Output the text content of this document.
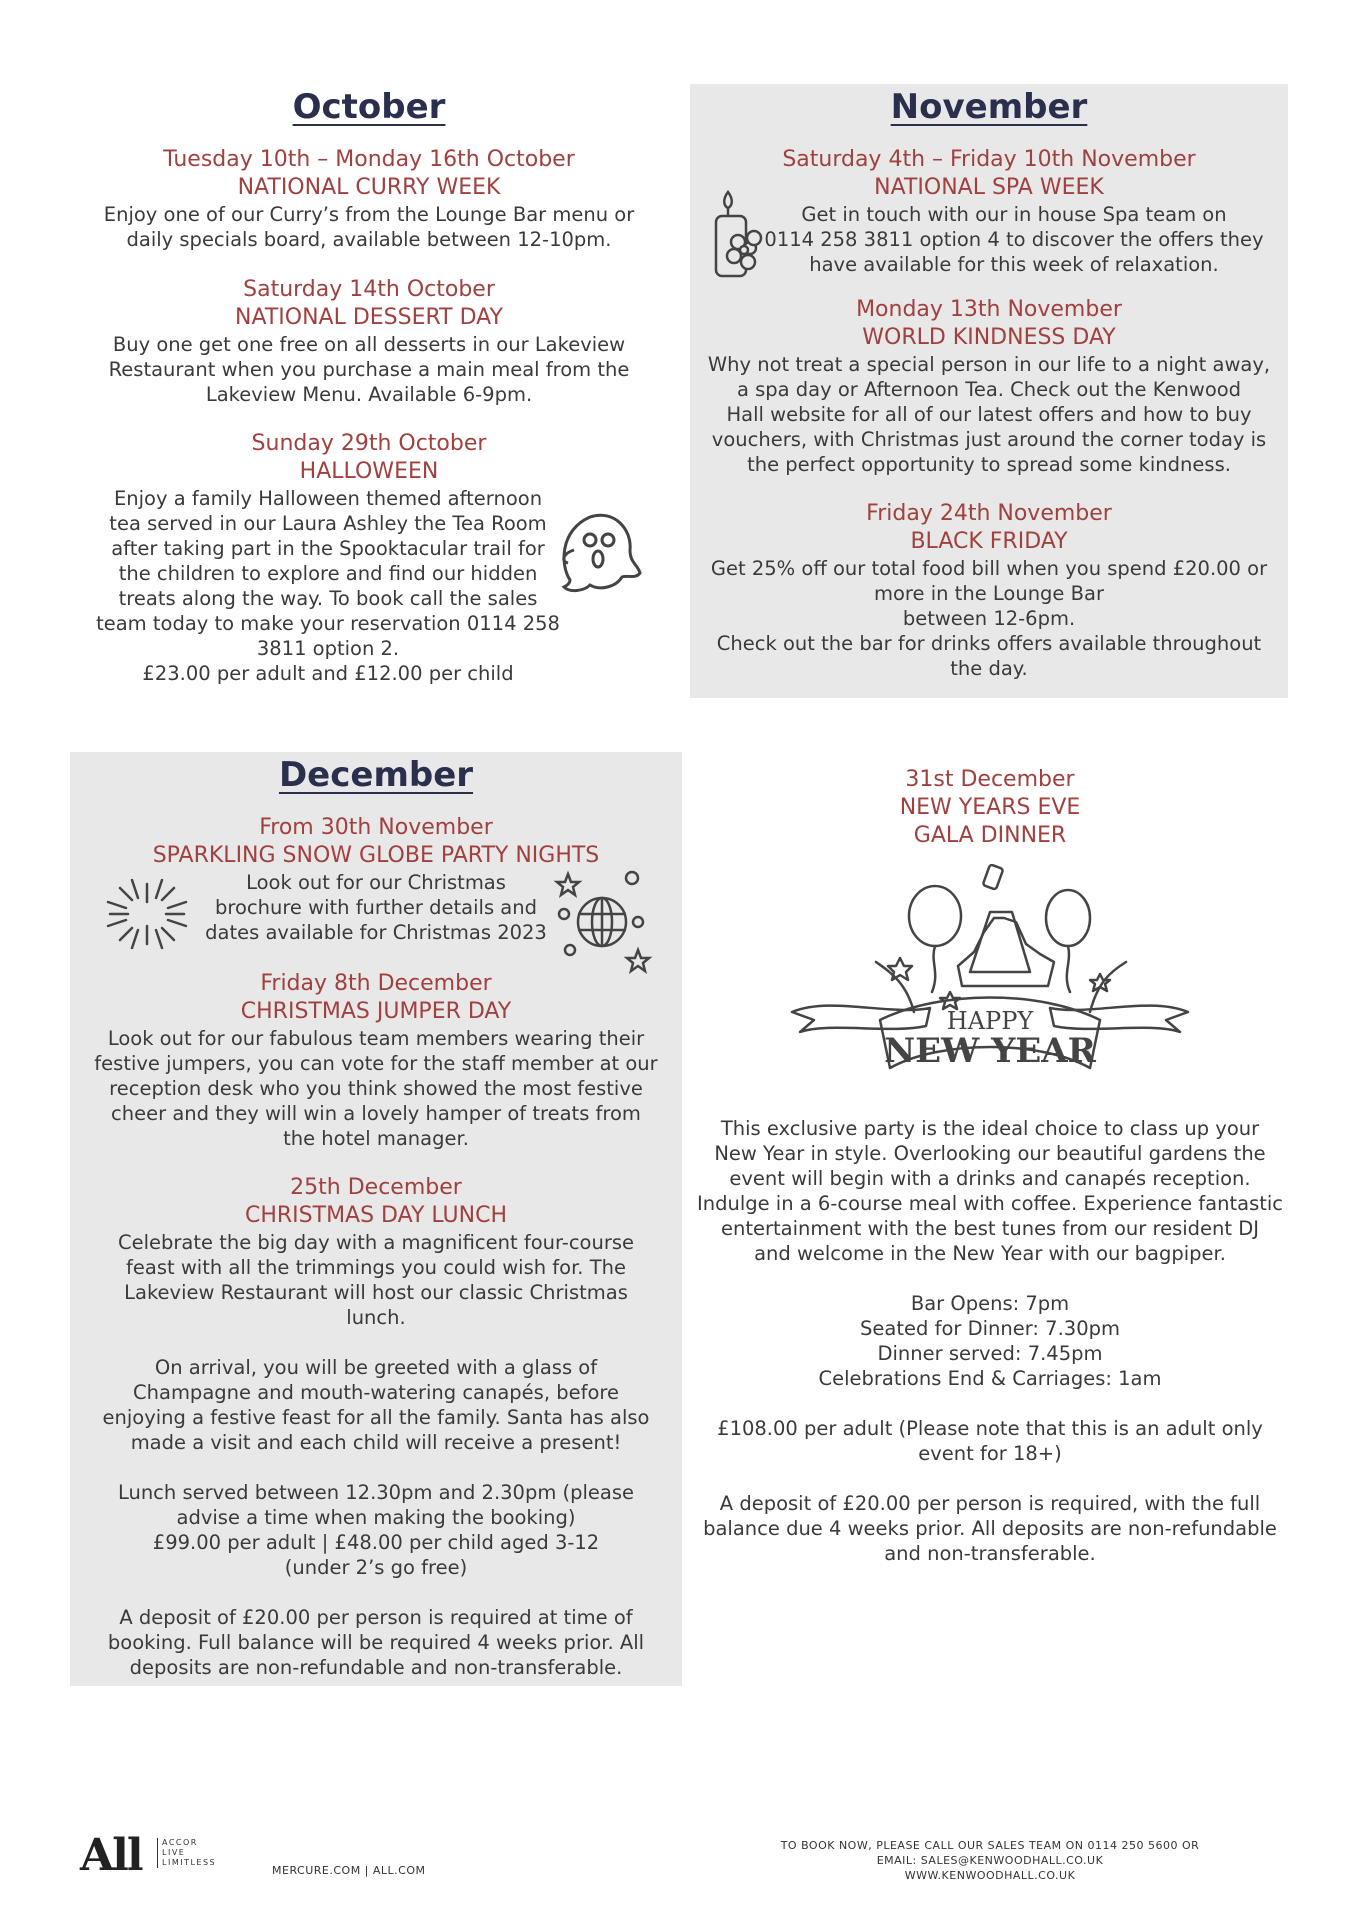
October
Tuesday 10th – Monday 16th October
NATIONAL CURRY WEEK
Enjoy one of our Curry’s from the Lounge Bar menu or
daily specials board, available between 12-10pm.
Saturday 14th October
NATIONAL DESSERT DAY
Buy one get one free on all desserts in our Lakeview
Restaurant when you purchase a main meal from the
Lakeview Menu. Available 6-9pm.
Sunday 29th October
HALLOWEEN
Enjoy a family Halloween themed afternoon
tea served in our Laura Ashley the Tea Room
after taking part in the Spooktacular trail for
the children to explore and find our hidden
treats along the way. To book call the sales
team today to make your reservation 0114 258
3811 option 2.
£23.00 per adult and £12.00 per child
November
Saturday 4th – Friday 10th November
NATIONAL SPA WEEK
Get in touch with our in house Spa team on
0114 258 3811 option 4 to discover the offers they
have available for this week of relaxation.
Monday 13th November
WORLD KINDNESS DAY
Why not treat a special person in our life to a night away,
a spa day or Afternoon Tea. Check out the Kenwood
Hall website for all of our latest offers and how to buy
vouchers, with Christmas just around the corner today is
the perfect opportunity to spread some kindness.
Friday 24th November
BLACK FRIDAY
Get 25% off our total food bill when you spend £20.00 or
more in the Lounge Bar
between 12-6pm.
Check out the bar for drinks offers available throughout
the day.
December
From 30th November
SPARKLING SNOW GLOBE PARTY NIGHTS
Look out for our Christmas
brochure with further details and
dates available for Christmas 2023
Friday 8th December
CHRISTMAS JUMPER DAY
Look out for our fabulous team members wearing their
festive jumpers, you can vote for the staff member at our
reception desk who you think showed the most festive
cheer and they will win a lovely hamper of treats from
the hotel manager.
25th December
CHRISTMAS DAY LUNCH
Celebrate the big day with a magnificent four-course
feast with all the trimmings you could wish for. The
Lakeview Restaurant will host our classic Christmas
lunch.
On arrival, you will be greeted with a glass of
Champagne and mouth-watering canapés, before
enjoying a festive feast for all the family. Santa has also
made a visit and each child will receive a present!
Lunch served between 12.30pm and 2.30pm (please
advise a time when making the booking)
£99.00 per adult | £48.00 per child aged 3-12
(under 2’s go free)
A deposit of £20.00 per person is required at time of
booking. Full balance will be required 4 weeks prior. All
deposits are non-refundable and non-transferable.
31st December
NEW YEARS EVE
GALA DINNER
HAPPY
NEW YEAR
This exclusive party is the ideal choice to class up your
New Year in style. Overlooking our beautiful gardens the
event will begin with a drinks and canapés reception.
Indulge in a 6-course meal with coffee. Experience fantastic
entertainment with the best tunes from our resident DJ
and welcome in the New Year with our bagpiper.
Bar Opens: 7pm
Seated for Dinner: 7.30pm
Dinner served: 7.45pm
Celebrations End & Carriages: 1am
£108.00 per adult (Please note that this is an adult only
event for 18+)
A deposit of £20.00 per person is required, with the full
balance due 4 weeks prior. All deposits are non-refundable
and non-transferable.
All	ACCOR
LIVE
LIMITLESS
MERCURE.COM | ALL.COM
TO BOOK NOW, PLEASE CALL OUR SALES TEAM ON 0114 250 5600 OR
EMAIL: SALES@KENWOODHALL.CO.UK
WWW.KENWOODHALL.CO.UK
